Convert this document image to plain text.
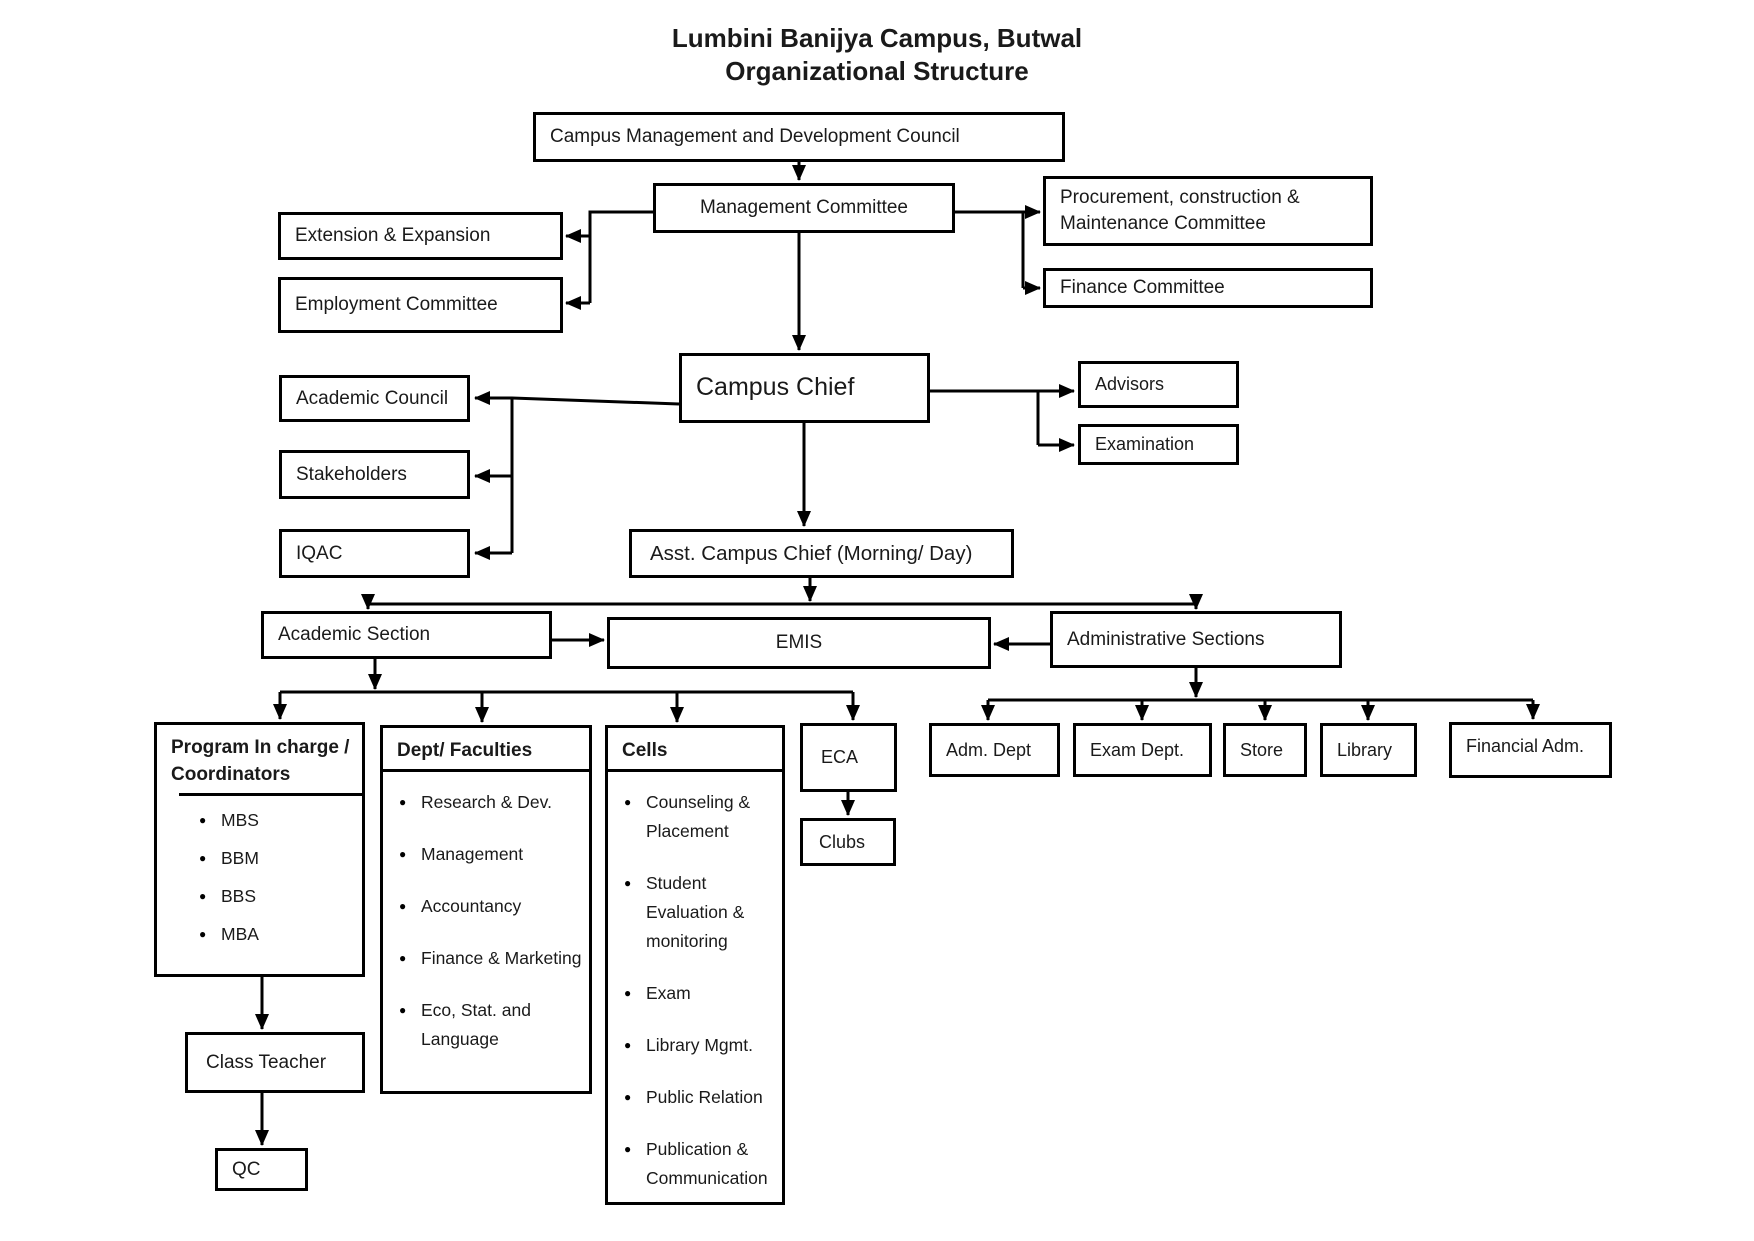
Lumbini Banijya Campus, Butwal
Organizational Structure
Campus Management and Development Council
Management Committee
Extension & Expansion
Employment Committee
Procurement, construction & Maintenance Committee
Finance Committee
Campus Chief
Academic Council
Stakeholders
IQAC
Advisors
Examination
Asst. Campus Chief (Morning/ Day)
Academic Section	EMIS	Administrative Sections
Program In charge /
Coordinators
● MBS
● BBM
● BBS
● MBA
Dept/ Faculties
● Research & Dev.
● Management
● Accountancy
● Finance & Marketing
● Eco, Stat. and Language
Cells
● Counseling & Placement
● Student Evaluation & monitoring
● Exam
● Library Mgmt.
● Public Relation
● Publication & Communication
ECA
Clubs
Adm. Dept	Exam Dept.	Store	Library	Financial Adm.
Class Teacher
QC
